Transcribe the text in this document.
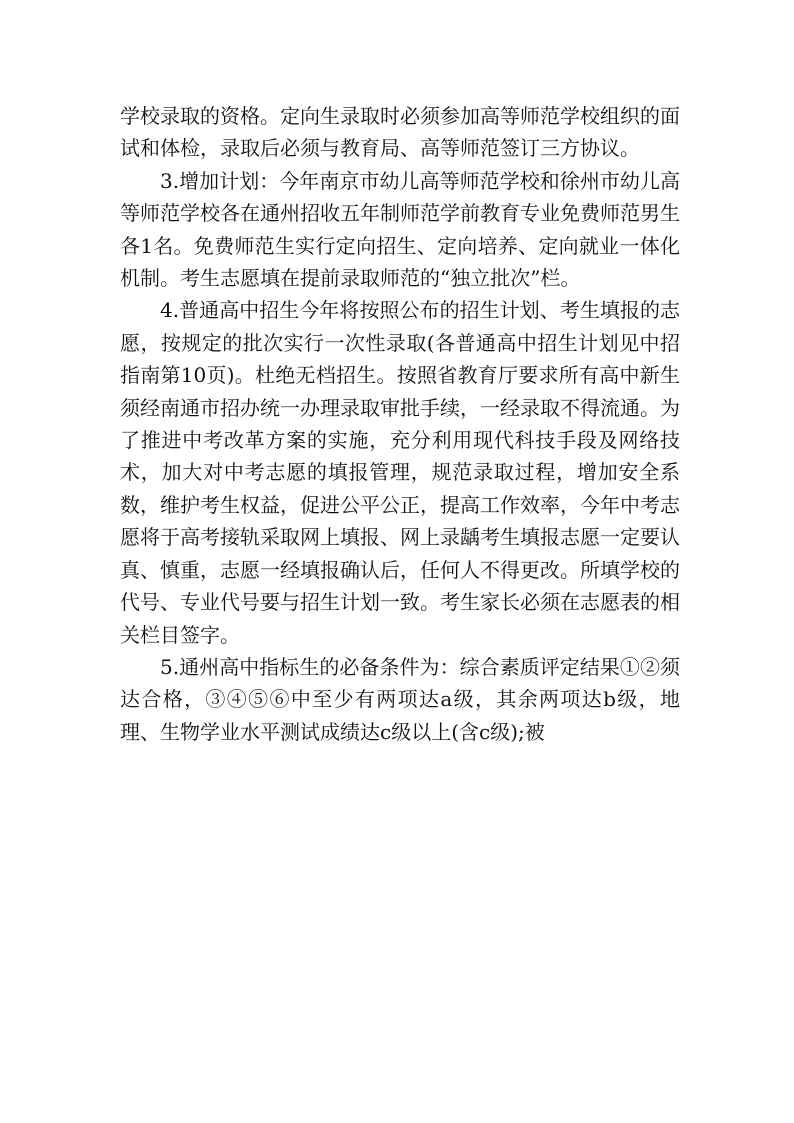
学校录取的资格。定向生录取时必须参加高等师范学校组织的面试和体检，录取后必须与教育局、高等师范签订三方协议。

3.增加计划：今年南京市幼儿高等师范学校和徐州市幼儿高等师范学校各在通州招收五年制师范学前教育专业免费师范男生各1名。免费师范生实行定向招生、定向培养、定向就业一体化机制。考生志愿填在提前录取师范的“独立批次”栏。

4.普通高中招生今年将按照公布的招生计划、考生填报的志愿，按规定的批次实行一次性录取(各普通高中招生计划见中招指南第10页)。杜绝无档招生。按照省教育厅要求所有高中新生须经南通市招办统一办理录取审批手续，一经录取不得流通。为了推进中考改革方案的实施，充分利用现代科技手段及网络技术，加大对中考志愿的填报管理，规范录取过程，增加安全系数，维护考生权益，促进公平公正，提高工作效率，今年中考志愿将于高考接轨采取网上填报、网上录龋考生填报志愿一定要认真、慎重，志愿一经填报确认后，任何人不得更改。所填学校的代号、专业代号要与招生计划一致。考生家长必须在志愿表的相关栏目签字。

5.通州高中指标生的必备条件为：综合素质评定结果①②须达合格，③④⑤⑥中至少有两项达a级，其余两项达b级，地理、生物学业水平测试成绩达c级以上(含c级);被
